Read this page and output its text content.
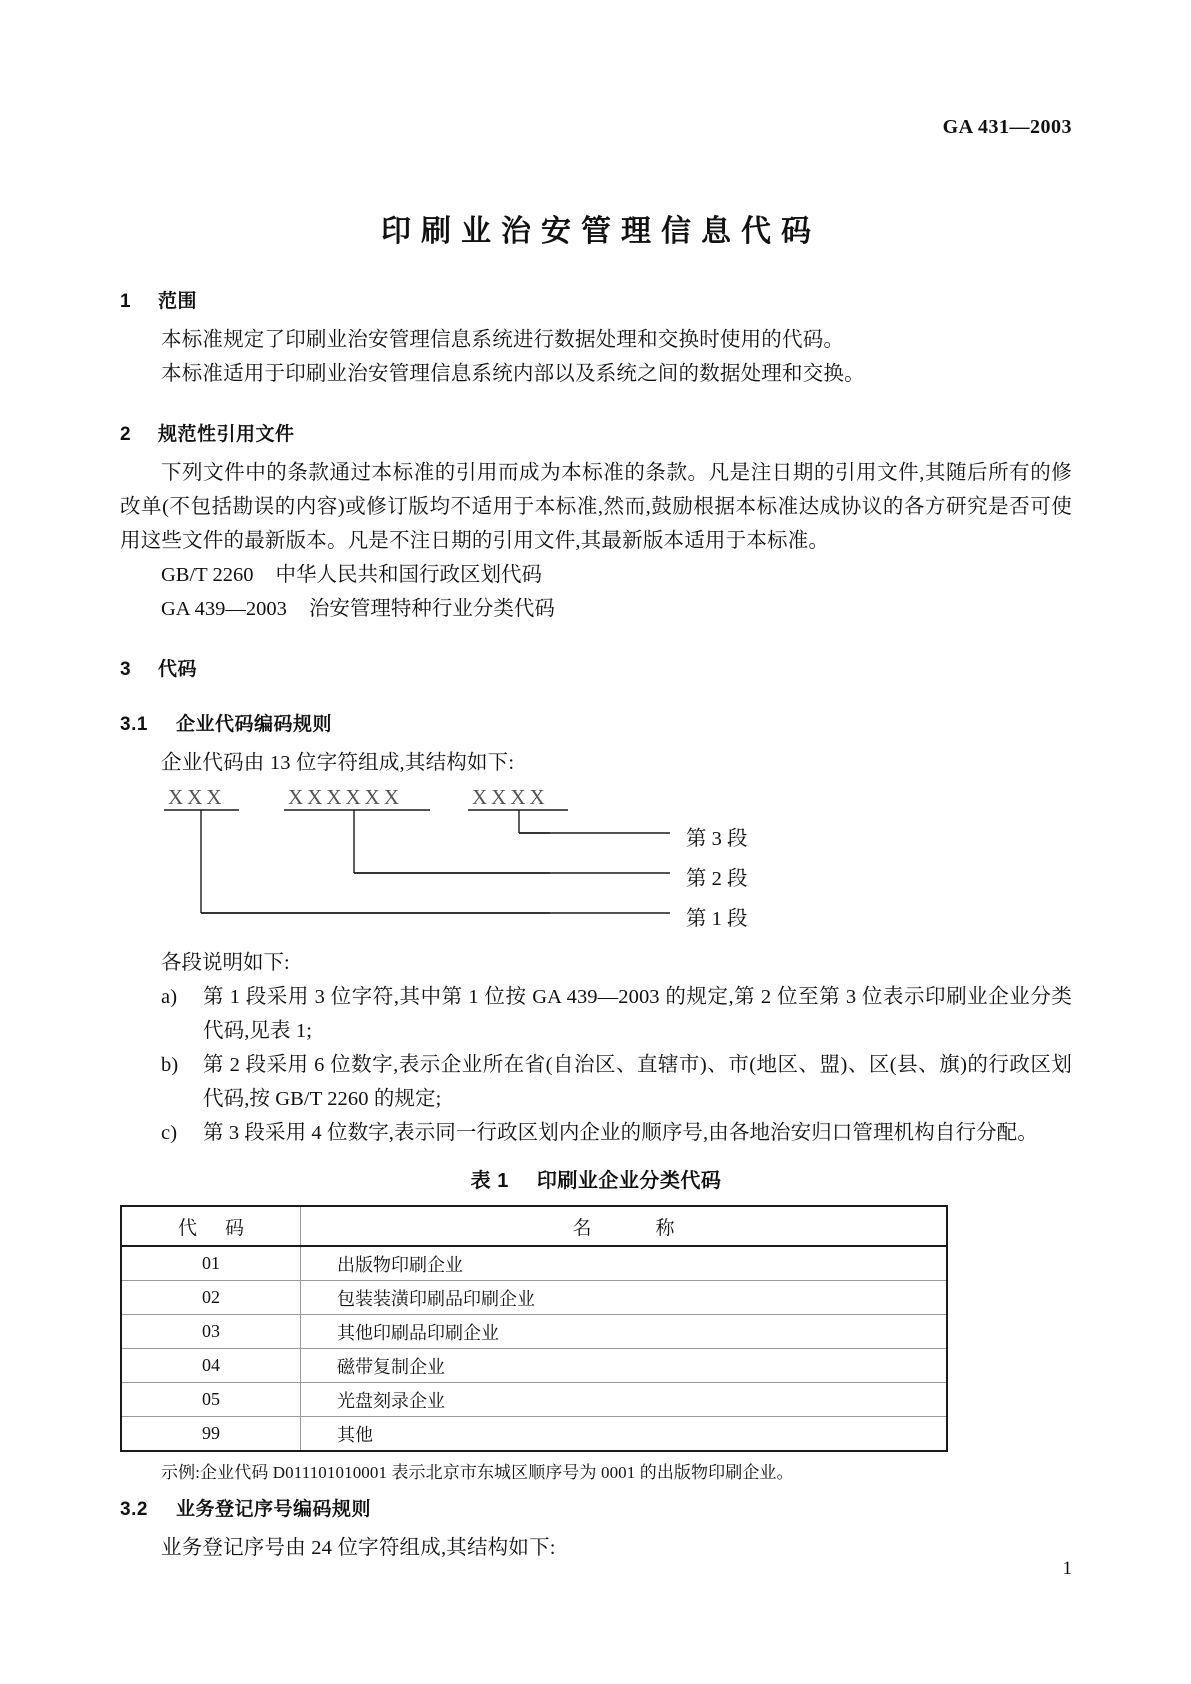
GA 431—2003
印刷业治安管理信息代码
1 范围

本标准规定了印刷业治安管理信息系统进行数据处理和交换时使用的代码。

本标准适用于印刷业治安管理信息系统内部以及系统之间的数据处理和交换。

2 规范性引用文件

下列文件中的条款通过本标准的引用而成为本标准的条款。凡是注日期的引用文件,其随后所有的修改单(不包括勘误的内容)或修订版均不适用于本标准,然而,鼓励根据本标准达成协议的各方研究是否可使用这些文件的最新版本。凡是不注日期的引用文件,其最新版本适用于本标准。

GB/T 2260 中华人民共和国行政区划代码

GA 439—2003 治安管理特种行业分类代码

3 代码
3.1 企业代码编码规则

企业代码由 13 位字符组成,其结构如下:

XXX	XXXXXX	XXXX
第 3 段
第 2 段
第 1 段

各段说明如下:

a) 第 1 段采用 3 位字符,其中第 1 位按 GA 439—2003 的规定,第 2 位至第 3 位表示印刷业企业分类代码,见表 1;
b) 第 2 段采用 6 位数字,表示企业所在省(自治区、直辖市)、市(地区、盟)、区(县、旗)的行政区划代码,按 GB/T 2260 的规定;
c) 第 3 段采用 4 位数字,表示同一行政区划内企业的顺序号,由各地治安归口管理机构自行分配。

表 1 印刷业企业分类代码

代 码	名 称
01	出版物印刷企业
02	包装装潢印刷品印刷企业
03	其他印刷品印刷企业
04	磁带复制企业
05	光盘刻录企业
99	其他

示例:企业代码 D011101010001 表示北京市东城区顺序号为 0001 的出版物印刷企业。

3.2 业务登记序号编码规则

业务登记序号由 24 位字符组成,其结构如下:

1
